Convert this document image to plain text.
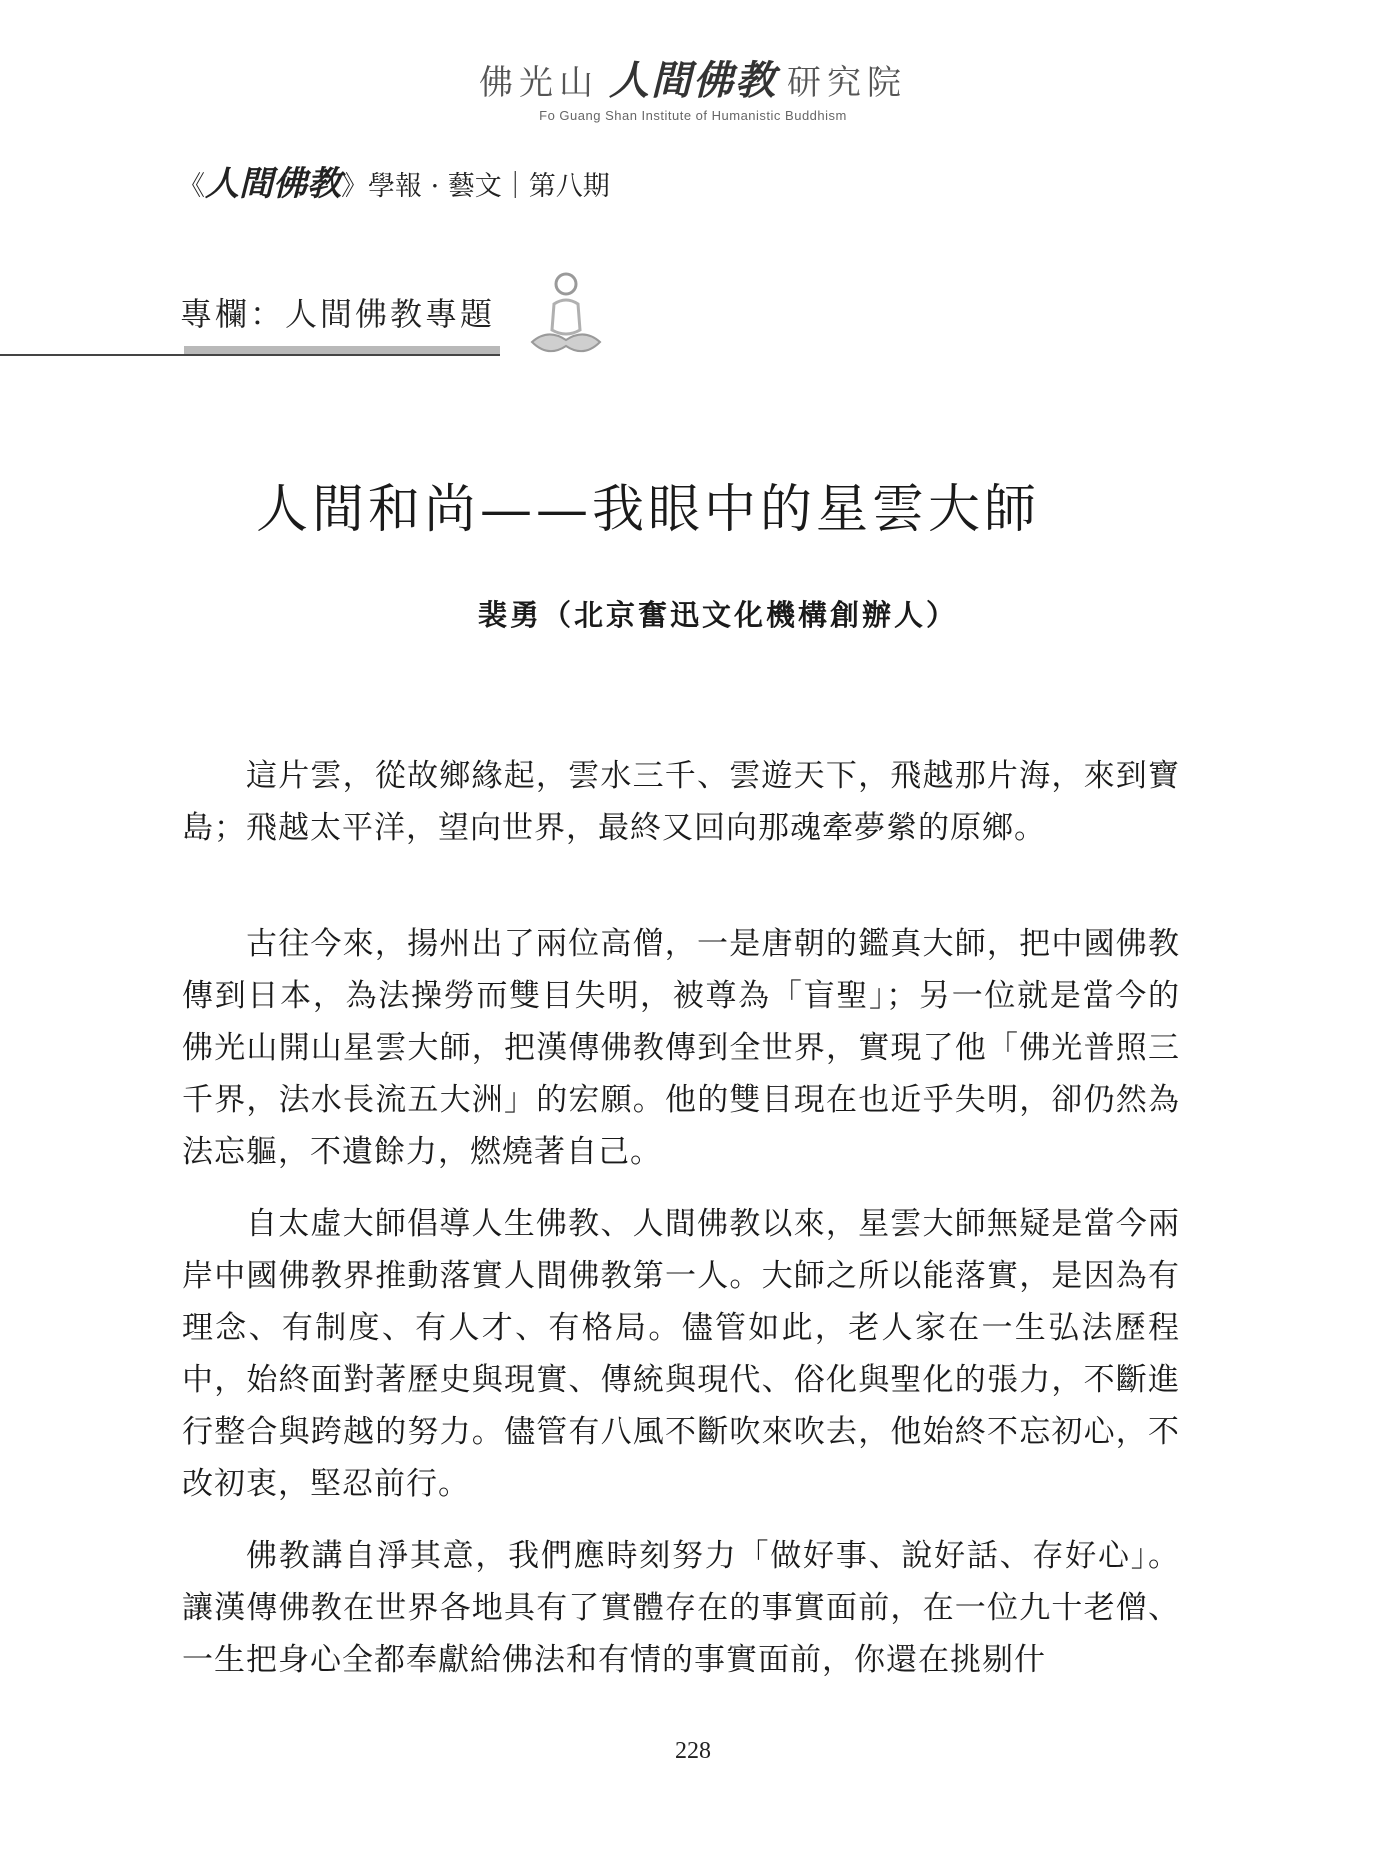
佛光山 人間佛教 研究院
Fo Guang Shan Institute of Humanistic Buddhism
《人間佛教》學報 · 藝文｜第八期
專欄：人間佛教專題
人間和尚——我眼中的星雲大師
裴勇（北京奮迅文化機構創辦人）

這片雲，從故鄉緣起，雲水三千、雲遊天下，飛越那片海，來到寶島；飛越太平洋，望向世界，最終又回向那魂牽夢縈的原鄉。

古往今來，揚州出了兩位高僧，一是唐朝的鑑真大師，把中國佛教傳到日本，為法操勞而雙目失明，被尊為「盲聖」；另一位就是當今的佛光山開山星雲大師，把漢傳佛教傳到全世界，實現了他「佛光普照三千界，法水長流五大洲」的宏願。他的雙目現在也近乎失明，卻仍然為法忘軀，不遺餘力，燃燒著自己。

自太虛大師倡導人生佛教、人間佛教以來，星雲大師無疑是當今兩岸中國佛教界推動落實人間佛教第一人。大師之所以能落實，是因為有理念、有制度、有人才、有格局。儘管如此，老人家在一生弘法歷程中，始終面對著歷史與現實、傳統與現代、俗化與聖化的張力，不斷進行整合與跨越的努力。儘管有八風不斷吹來吹去，他始終不忘初心，不改初衷，堅忍前行。

佛教講自淨其意，我們應時刻努力「做好事、說好話、存好心」。讓漢傳佛教在世界各地具有了實體存在的事實面前，在一位九十老僧、一生把身心全都奉獻給佛法和有情的事實面前，你還在挑剔什

228
